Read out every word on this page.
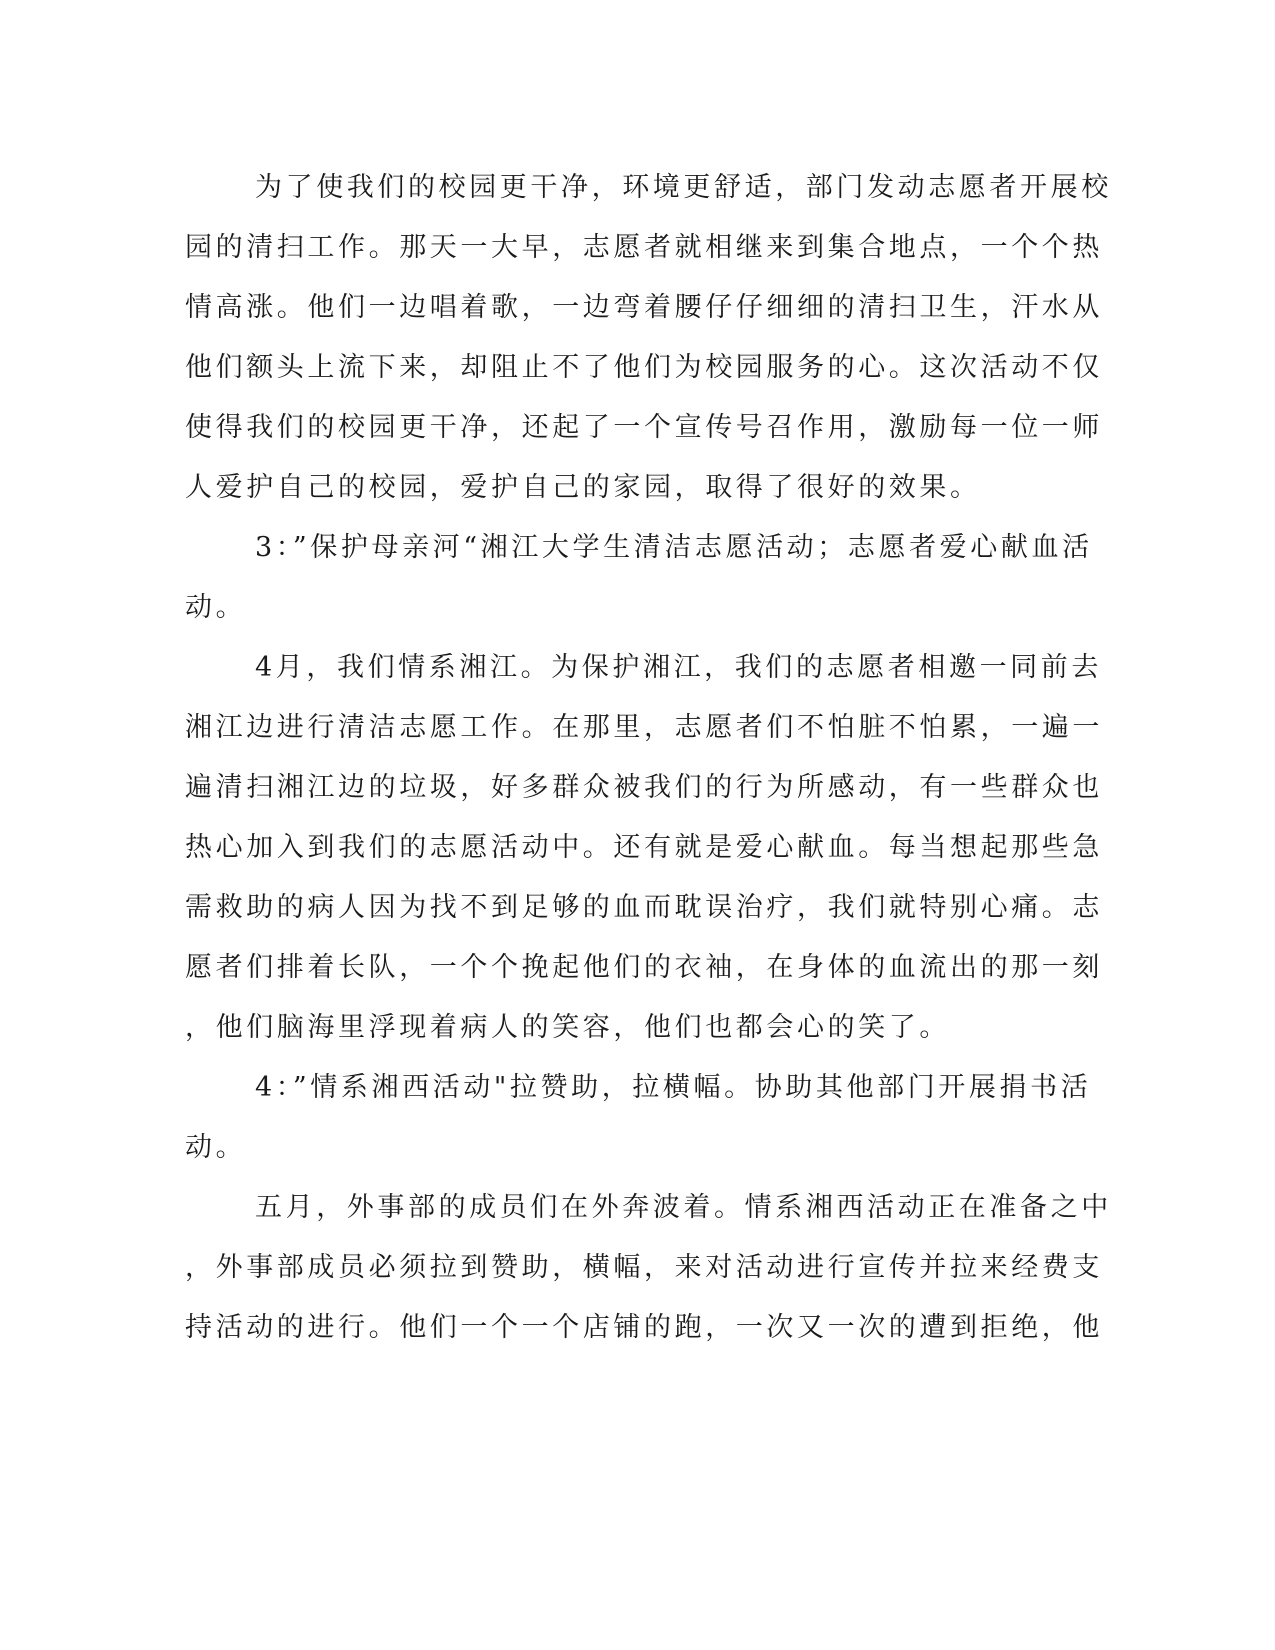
为了使我们的校园更干净，环境更舒适，部门发动志愿者开展校
园的清扫工作。那天一大早，志愿者就相继来到集合地点，一个个热
情高涨。他们一边唱着歌，一边弯着腰仔仔细细的清扫卫生，汗水从
他们额头上流下来，却阻止不了他们为校园服务的心。这次活动不仅
使得我们的校园更干净，还起了一个宣传号召作用，激励每一位一师
人爱护自己的校园，爱护自己的家园，取得了很好的效果。
3：”保护母亲河“湘江大学生清洁志愿活动；志愿者爱心献血活
动。
4月，我们情系湘江。为保护湘江，我们的志愿者相邀一同前去
湘江边进行清洁志愿工作。在那里，志愿者们不怕脏不怕累，一遍一
遍清扫湘江边的垃圾，好多群众被我们的行为所感动，有一些群众也
热心加入到我们的志愿活动中。还有就是爱心献血。每当想起那些急
需救助的病人因为找不到足够的血而耽误治疗，我们就特别心痛。志
愿者们排着长队，一个个挽起他们的衣袖，在身体的血流出的那一刻
，他们脑海里浮现着病人的笑容，他们也都会心的笑了。
4：”情系湘西活动"拉赞助，拉横幅。协助其他部门开展捐书活
动。
五月，外事部的成员们在外奔波着。情系湘西活动正在准备之中
，外事部成员必须拉到赞助，横幅，来对活动进行宣传并拉来经费支
持活动的进行。他们一个一个店铺的跑，一次又一次的遭到拒绝，他
